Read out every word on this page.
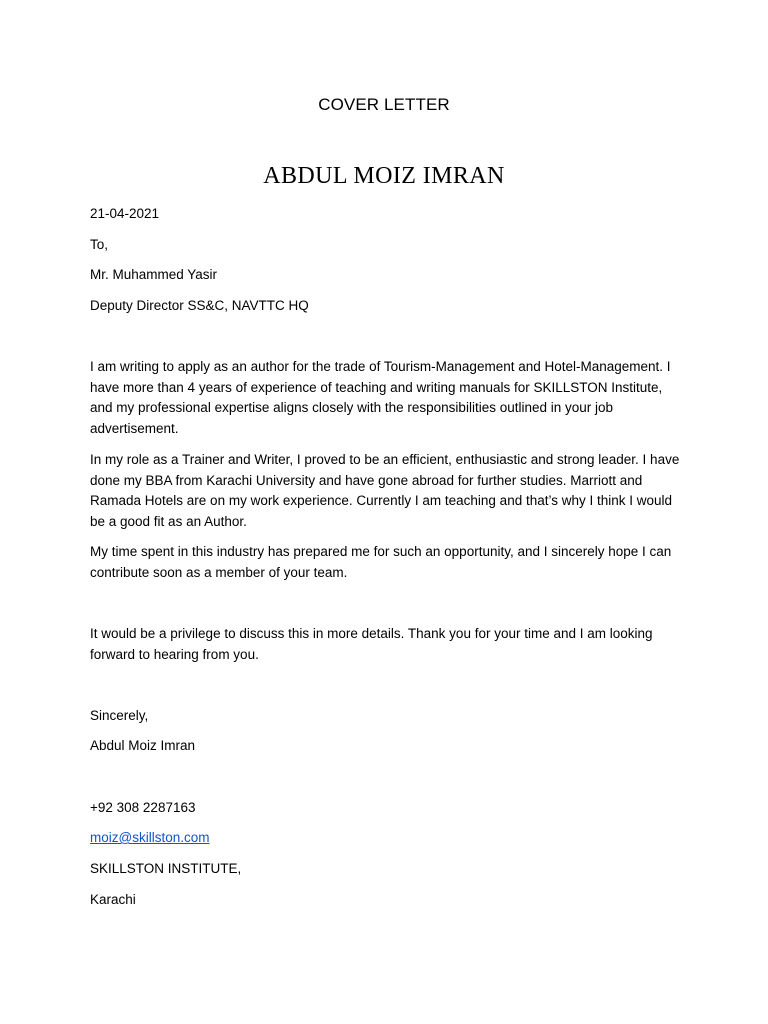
COVER LETTER
ABDUL MOIZ IMRAN
21-04-2021
To,
Mr. Muhammed Yasir
Deputy Director SS&C, NAVTTC HQ
I am writing to apply as an author for the trade of Tourism-Management and Hotel-Management. I have more than 4 years of experience of teaching and writing manuals for SKILLSTON Institute, and my professional expertise aligns closely with the responsibilities outlined in your job advertisement.
In my role as a Trainer and Writer, I proved to be an efficient, enthusiastic and strong leader. I have done my BBA from Karachi University and have gone abroad for further studies. Marriott and Ramada Hotels are on my work experience. Currently I am teaching and that’s why I think I would be a good fit as an Author.
My time spent in this industry has prepared me for such an opportunity, and I sincerely hope I can contribute soon as a member of your team.
It would be a privilege to discuss this in more details. Thank you for your time and I am looking forward to hearing from you.
Sincerely,
Abdul Moiz Imran
+92 308 2287163
moiz@skillston.com
SKILLSTON INSTITUTE,
Karachi
